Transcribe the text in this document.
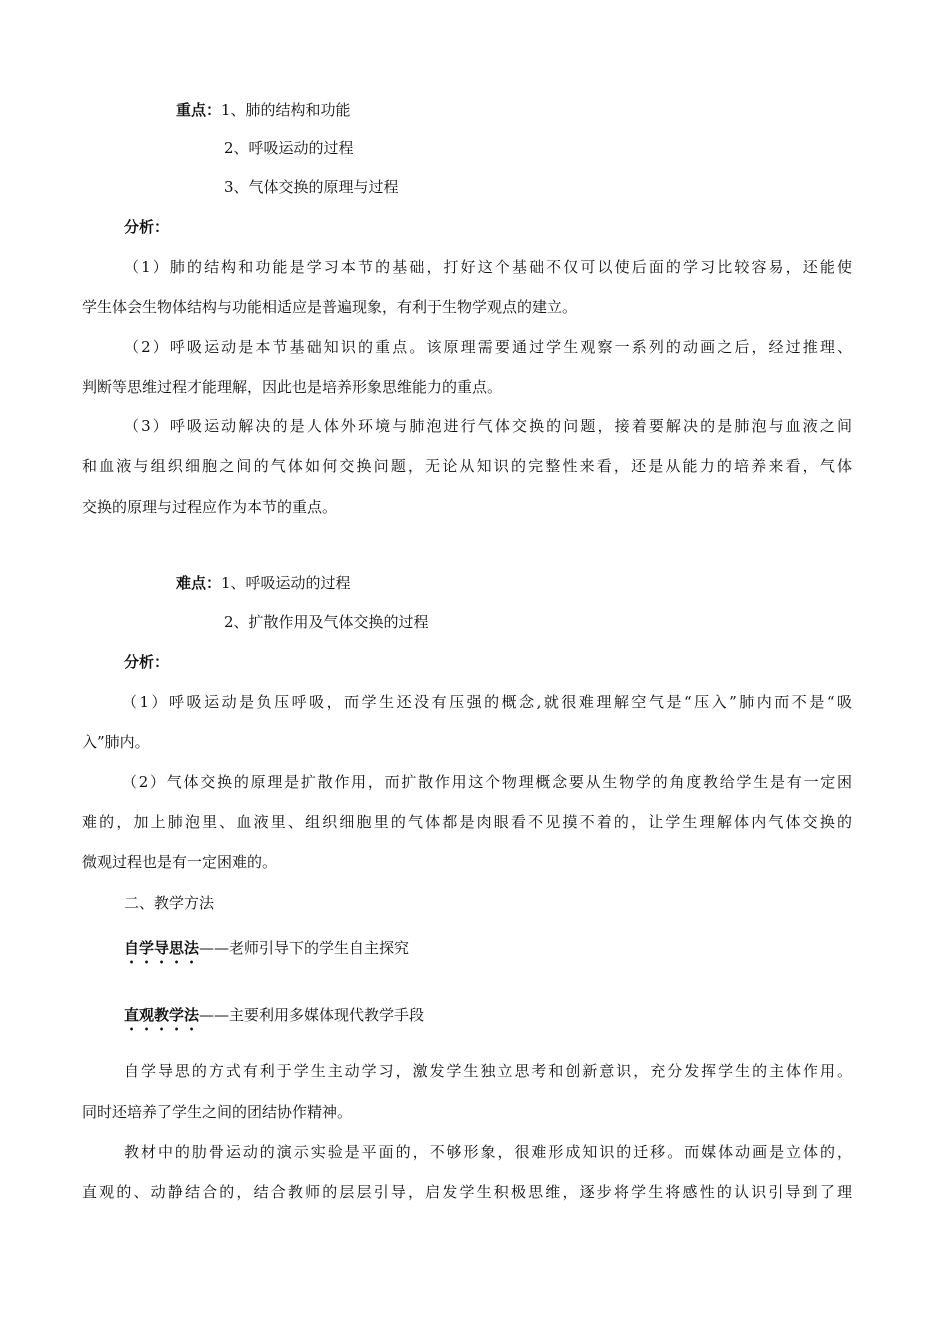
重点：1、肺的结构和功能
2、呼吸运动的过程
3、气体交换的原理与过程
分析：
（1）肺的结构和功能是学习本节的基础，打好这个基础不仅可以使后面的学习比较容易，还能使
学生体会生物体结构与功能相适应是普遍现象，有利于生物学观点的建立。
（2）呼吸运动是本节基础知识的重点。该原理需要通过学生观察一系列的动画之后，经过推理、
判断等思维过程才能理解，因此也是培养形象思维能力的重点。
（3）呼吸运动解决的是人体外环境与肺泡进行气体交换的问题，接着要解决的是肺泡与血液之间
和血液与组织细胞之间的气体如何交换问题，无论从知识的完整性来看，还是从能力的培养来看，气体
交换的原理与过程应作为本节的重点。
难点：1、呼吸运动的过程
2、扩散作用及气体交换的过程
分析：
（1）呼吸运动是负压呼吸，而学生还没有压强的概念,就很难理解空气是“压入”肺内而不是“吸
入”肺内。
（2）气体交换的原理是扩散作用，而扩散作用这个物理概念要从生物学的角度教给学生是有一定困
难的，加上肺泡里、血液里、组织细胞里的气体都是肉眼看不见摸不着的，让学生理解体内气体交换的
微观过程也是有一定困难的。
二、教学方法
自学导思法——老师引导下的学生自主探究
直观教学法——主要利用多媒体现代教学手段
自学导思的方式有利于学生主动学习，激发学生独立思考和创新意识，充分发挥学生的主体作用。
同时还培养了学生之间的团结协作精神。
教材中的肋骨运动的演示实验是平面的，不够形象，很难形成知识的迁移。而媒体动画是立体的，
直观的、动静结合的，结合教师的层层引导，启发学生积极思维，逐步将学生将感性的认识引导到了理
